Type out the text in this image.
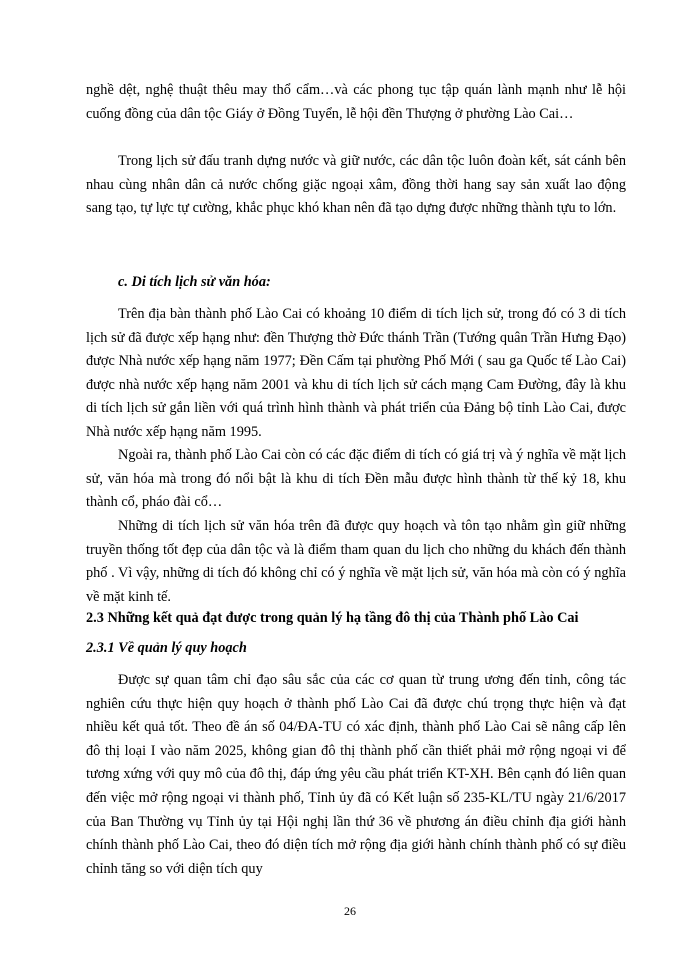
nghề dệt, nghệ thuật thêu may thổ cẩm…và các phong tục tập quán lành mạnh như lễ hội cuống đồng của dân tộc Giáy ở Đồng Tuyển, lễ hội đền Thượng ở phường Lào Cai…

Trong lịch sử đấu tranh dựng nước và giữ nước, các dân tộc luôn đoàn kết, sát cánh bên nhau cùng nhân dân cả nước chống giặc ngoại xâm, đồng thời hang say sản xuất lao động sang tạo, tự lực tự cường, khắc phục khó khan nên đã tạo dựng được những thành tựu to lớn.

c. Di tích lịch sử văn hóa:

Trên địa bàn thành phố Lào Cai có khoảng 10 điểm di tích lịch sử, trong đó có 3 di tích lịch sử đã được xếp hạng như: đền Thượng thờ Đức thánh Trần (Tướng quân Trần Hưng Đạo) được Nhà nước xếp hạng năm 1977; Đền Cấm tại phường Phố Mới ( sau ga Quốc tế Lào Cai) được nhà nước xếp hạng năm 2001 và khu di tích lịch sử cách mạng Cam Đường, đây là khu di tích lịch sử gắn liền với quá trình hình thành và phát triển của Đảng bộ tỉnh Lào Cai, được Nhà nước xếp hạng năm 1995.

Ngoài ra, thành phố Lào Cai còn có các đặc điểm di tích có giá trị và ý nghĩa về mặt lịch sử, văn hóa mà trong đó nổi bật là khu di tích Đền mẫu được hình thành từ thế kỷ 18, khu thành cổ, pháo đài cổ…

Những di tích lịch sử văn hóa trên đã được quy hoạch và tôn tạo nhằm gìn giữ những truyền thống tốt đẹp của dân tộc và là điểm tham quan du lịch cho những du khách đến thành phố . Vì vậy, những di tích đó không chỉ có ý nghĩa về mặt lịch sử, văn hóa mà còn có ý nghĩa về mặt kinh tế.

2.3 Những kết quả đạt được trong quản lý hạ tầng đô thị của Thành phố Lào Cai

2.3.1 Về quản lý quy hoạch

Được sự quan tâm chỉ đạo sâu sắc của các cơ quan từ trung ương đến tỉnh, công tác nghiên cứu thực hiện quy hoạch ở thành phố Lào Cai đã được chú trọng thực hiện và đạt nhiều kết quả tốt. Theo đề án số 04/ĐA-TU có xác định, thành phố Lào Cai sẽ nâng cấp lên đô thị loại I vào năm 2025, không gian đô thị thành phố cần thiết phải mở rộng ngoại vi để tương xứng với quy mô của đô thị, đáp ứng yêu cầu phát triển KT-XH. Bên cạnh đó liên quan đến việc mở rộng ngoại vi thành phố, Tỉnh ủy đã có Kết luận số 235-KL/TU ngày 21/6/2017 của Ban Thường vụ Tỉnh ủy tại Hội nghị lần thứ 36 về phương án điều chỉnh địa giới hành chính thành phố Lào Cai, theo đó diện tích mở rộng địa giới hành chính thành phố có sự điều chỉnh tăng so với diện tích quy

26
